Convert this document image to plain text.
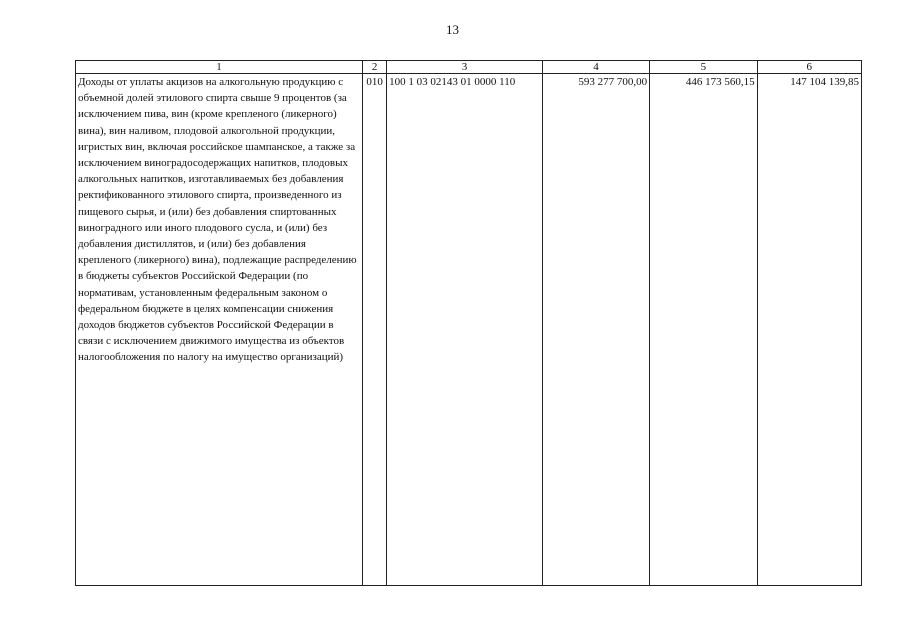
13
1	2	3	4	5	6
Доходы от уплаты акцизов на алкогольную продукцию с объемной долей этилового спирта свыше 9 процентов (за исключением пива, вин (кроме крепленого (ликерного) вина), вин наливом, плодовой алкогольной продукции, игристых вин, включая российское шампанское, а также за исключением виноградосодержащих напитков, плодовых алкогольных напитков, изготавливаемых без добавления ректификованного этилового спирта, произведенного из пищевого сырья, и (или) без добавления спиртованных виноградного или иного плодового сусла, и (или) без добавления дистиллятов, и (или) без добавления крепленого (ликерного) вина), подлежащие распределению в бюджеты субъектов Российской Федерации (по нормативам, установленным федеральным законом о федеральном бюджете в целях компенсации снижения доходов бюджетов субъектов Российской Федерации в связи с исключением движимого имущества из объектов налогообложения по налогу на имущество организаций)	010	100 1 03 02143 01 0000 110	593 277 700,00	446 173 560,15	147 104 139,85
